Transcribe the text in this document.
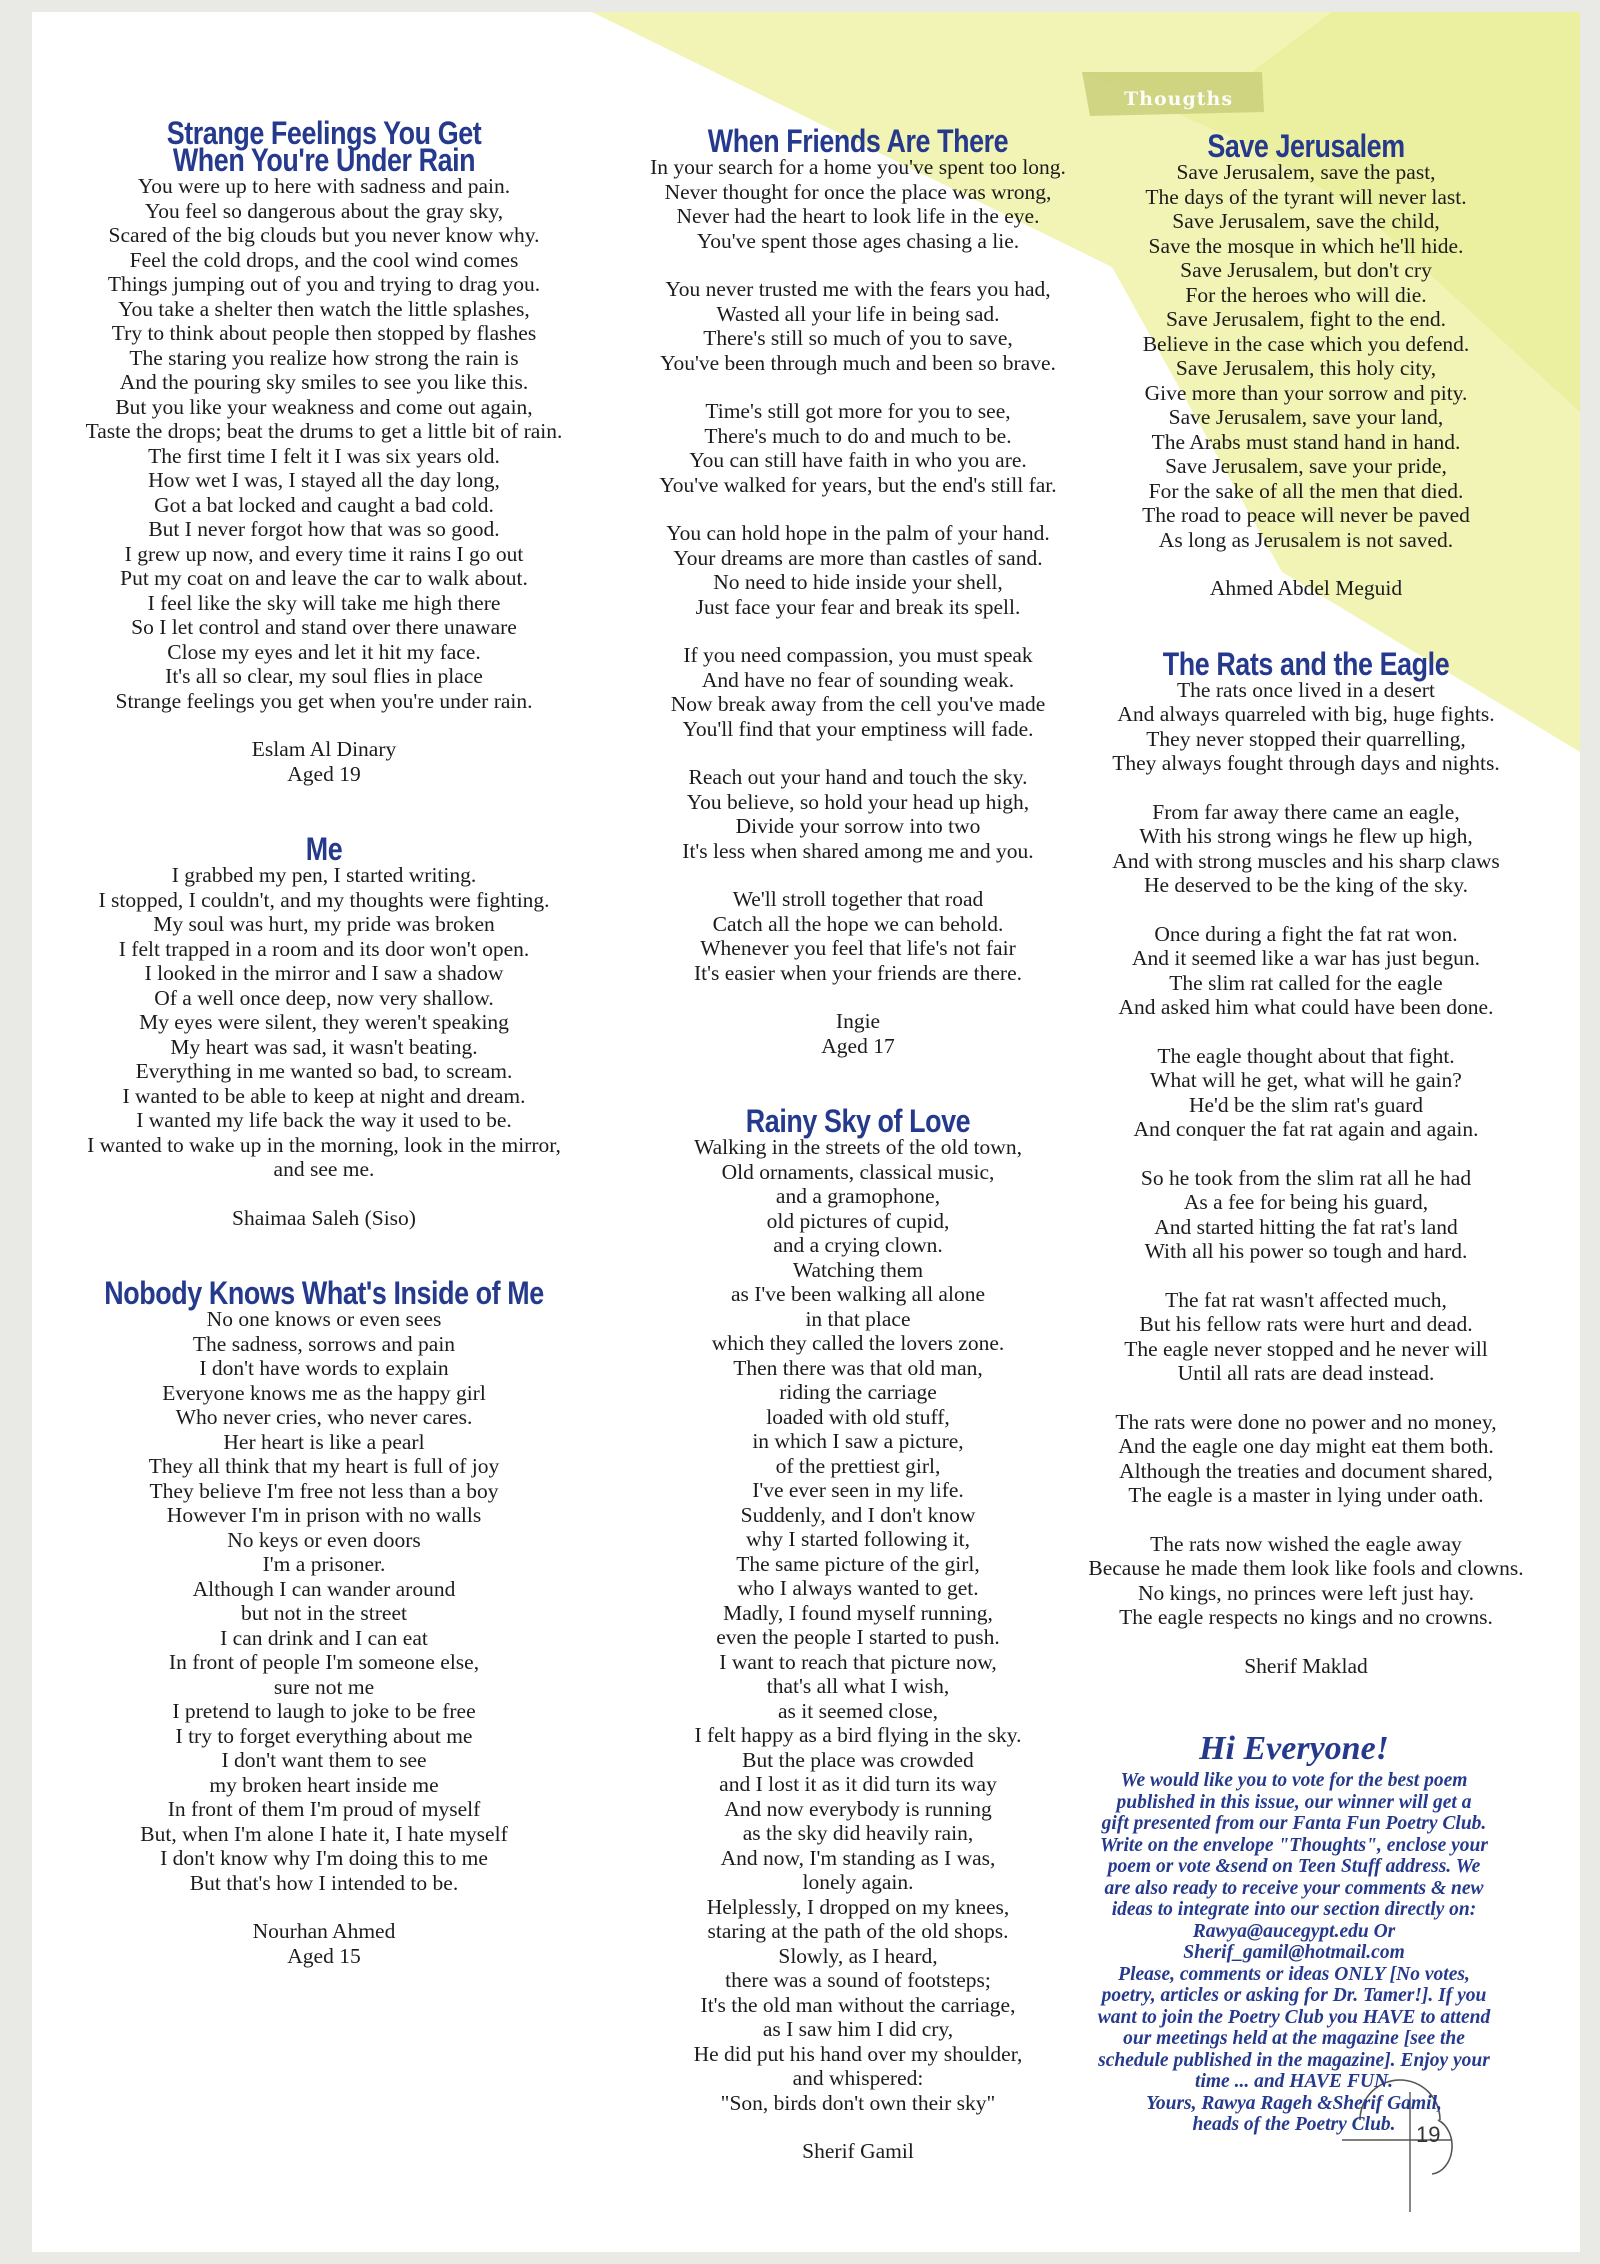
Thougths
Strange Feelings You Get
When You're Under Rain
You were up to here with sadness and pain.
You feel so dangerous about the gray sky,
Scared of the big clouds but you never know why.
Feel the cold drops, and the cool wind comes
Things jumping out of you and trying to drag you.
You take a shelter then watch the little splashes,
Try to think about people then stopped by flashes
The staring you realize how strong the rain is
And the pouring sky smiles to see you like this.
But you like your weakness and come out again,
Taste the drops; beat the drums to get a little bit of rain.
The first time I felt it I was six years old.
How wet I was, I stayed all the day long,
Got a bat locked and caught a bad cold.
But I never forgot how that was so good.
I grew up now, and every time it rains I go out
Put my coat on and leave the car to walk about.
I feel like the sky will take me high there
So I let control and stand over there unaware
Close my eyes and let it hit my face.
It's all so clear, my soul flies in place
Strange feelings you get when you're under rain.
Eslam Al Dinary
Aged 19
Me
I grabbed my pen, I started writing.
I stopped, I couldn't, and my thoughts were fighting.
My soul was hurt, my pride was broken
I felt trapped in a room and its door won't open.
I looked in the mirror and I saw a shadow
Of a well once deep, now very shallow.
My eyes were silent, they weren't speaking
My heart was sad, it wasn't beating.
Everything in me wanted so bad, to scream.
I wanted to be able to keep at night and dream.
I wanted my life back the way it used to be.
I wanted to wake up in the morning, look in the mirror,
and see me.
Shaimaa Saleh (Siso)
Nobody Knows What's Inside of Me
No one knows or even sees
The sadness, sorrows and pain
I don't have words to explain
Everyone knows me as the happy girl
Who never cries, who never cares.
Her heart is like a pearl
They all think that my heart is full of joy
They believe I'm free not less than a boy
However I'm in prison with no walls
No keys or even doors
I'm a prisoner.
Although I can wander around
but not in the street
I can drink and I can eat
In front of people I'm someone else,
sure not me
I pretend to laugh to joke to be free
I try to forget everything about me
I don't want them to see
my broken heart inside me
In front of them I'm proud of myself
But, when I'm alone I hate it, I hate myself
I don't know why I'm doing this to me
But that's how I intended to be.
Nourhan Ahmed
Aged 15
When Friends Are There
In your search for a home you've spent too long.
Never thought for once the place was wrong,
Never had the heart to look life in the eye.
You've spent those ages chasing a lie.
You never trusted me with the fears you had,
Wasted all your life in being sad.
There's still so much of you to save,
You've been through much and been so brave.
Time's still got more for you to see,
There's much to do and much to be.
You can still have faith in who you are.
You've walked for years, but the end's still far.
You can hold hope in the palm of your hand.
Your dreams are more than castles of sand.
No need to hide inside your shell,
Just face your fear and break its spell.
If you need compassion, you must speak
And have no fear of sounding weak.
Now break away from the cell you've made
You'll find that your emptiness will fade.
Reach out your hand and touch the sky.
You believe, so hold your head up high,
Divide your sorrow into two
It's less when shared among me and you.
We'll stroll together that road
Catch all the hope we can behold.
Whenever you feel that life's not fair
It's easier when your friends are there.
Ingie
Aged 17
Rainy Sky of Love
Walking in the streets of the old town,
Old ornaments, classical music,
and a gramophone,
old pictures of cupid,
and a crying clown.
Watching them
as I've been walking all alone
in that place
which they called the lovers zone.
Then there was that old man,
riding the carriage
loaded with old stuff,
in which I saw a picture,
of the prettiest girl,
I've ever seen in my life.
Suddenly, and I don't know
why I started following it,
The same picture of the girl,
who I always wanted to get.
Madly, I found myself running,
even the people I started to push.
I want to reach that picture now,
that's all what I wish,
as it seemed close,
I felt happy as a bird flying in the sky.
But the place was crowded
and I lost it as it did turn its way
And now everybody is running
as the sky did heavily rain,
And now, I'm standing as I was,
lonely again.
Helplessly, I dropped on my knees,
staring at the path of the old shops.
Slowly, as I heard,
there was a sound of footsteps;
It's the old man without the carriage,
as I saw him I did cry,
He did put his hand over my shoulder,
and whispered:
"Son, birds don't own their sky"
Sherif Gamil
Save Jerusalem
Save Jerusalem, save the past,
The days of the tyrant will never last.
Save Jerusalem, save the child,
Save the mosque in which he'll hide.
Save Jerusalem, but don't cry
For the heroes who will die.
Save Jerusalem, fight to the end.
Believe in the case which you defend.
Save Jerusalem, this holy city,
Give more than your sorrow and pity.
Save Jerusalem, save your land,
The Arabs must stand hand in hand.
Save Jerusalem, save your pride,
For the sake of all the men that died.
The road to peace will never be paved
As long as Jerusalem is not saved.
Ahmed Abdel Meguid
The Rats and the Eagle
The rats once lived in a desert
And always quarreled with big, huge fights.
They never stopped their quarrelling,
They always fought through days and nights.
From far away there came an eagle,
With his strong wings he flew up high,
And with strong muscles and his sharp claws
He deserved to be the king of the sky.
Once during a fight the fat rat won.
And it seemed like a war has just begun.
The slim rat called for the eagle
And asked him what could have been done.
The eagle thought about that fight.
What will he get, what will he gain?
He'd be the slim rat's guard
And conquer the fat rat again and again.
So he took from the slim rat all he had
As a fee for being his guard,
And started hitting the fat rat's land
With all his power so tough and hard.
The fat rat wasn't affected much,
But his fellow rats were hurt and dead.
The eagle never stopped and he never will
Until all rats are dead instead.
The rats were done no power and no money,
And the eagle one day might eat them both.
Although the treaties and document shared,
The eagle is a master in lying under oath.
The rats now wished the eagle away
Because he made them look like fools and clowns.
No kings, no princes were left just hay.
The eagle respects no kings and no crowns.
Sherif Maklad
Hi Everyone!
We would like you to vote for the best poem
published in this issue, our winner will get a
gift presented from our Fanta Fun Poetry Club.
Write on the envelope "Thoughts", enclose your
poem or vote &send on Teen Stuff address. We
are also ready to receive your comments & new
ideas to integrate into our section directly on:
Rawya@aucegypt.edu Or
Sherif_gamil@hotmail.com
Please, comments or ideas ONLY [No votes,
poetry, articles or asking for Dr. Tamer!]. If you
want to join the Poetry Club you HAVE to attend
our meetings held at the magazine [see the
schedule published in the magazine]. Enjoy your
time ... and HAVE FUN.
Yours, Rawya Rageh &Sherif Gamil,
heads of the Poetry Club. 19
